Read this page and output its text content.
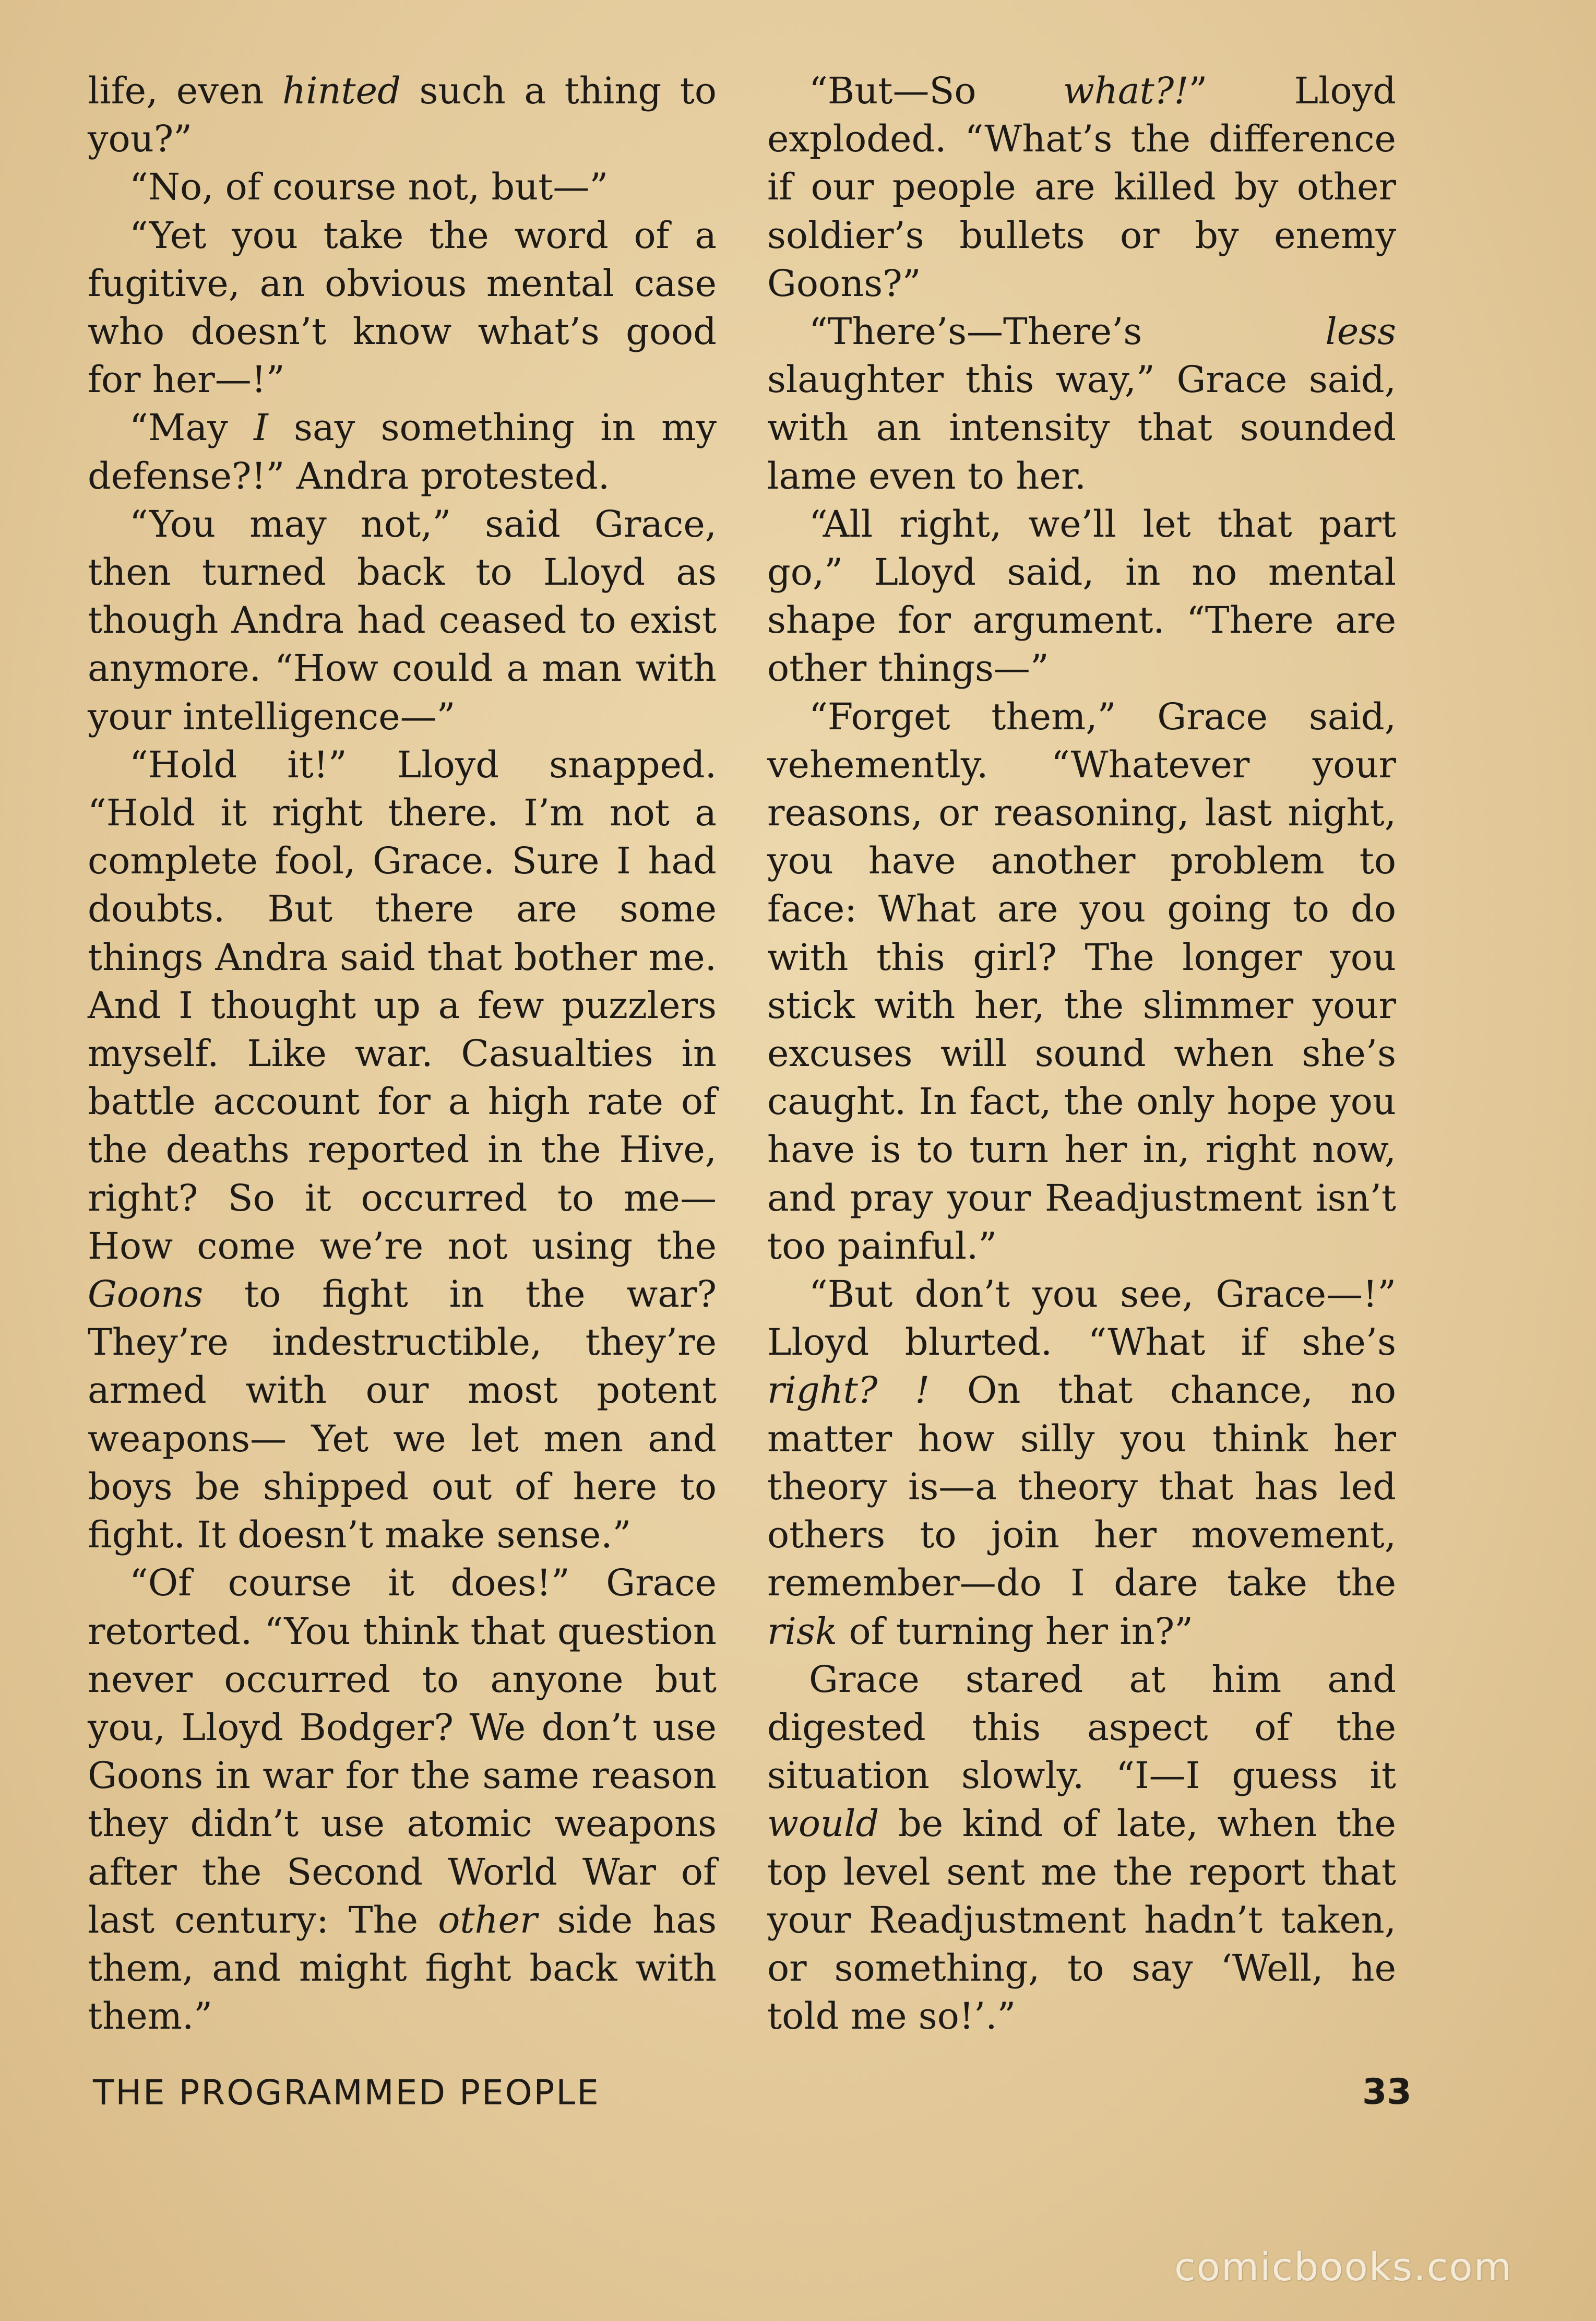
life, even hinted such a thing to you?”

“No, of course not, but—”

“Yet you take the word of a fugitive, an obvious mental case who doesn’t know what’s good for her—!”

“May I say something in my defense?!” Andra protested.

“You may not,” said Grace, then turned back to Lloyd as though Andra had ceased to exist anymore. “How could a man with your intelligence—”

“Hold it!” Lloyd snapped. “Hold it right there. I’m not a complete fool, Grace. Sure I had doubts. But there are some things Andra said that bother me. And I thought up a few puzzlers myself. Like war. Casualties in battle account for a high rate of the deaths reported in the Hive, right? So it occurred to me— How come we’re not using the Goons to fight in the war? They’re indestructible, they’re armed with our most potent weapons— Yet we let men and boys be shipped out of here to fight. It doesn’t make sense.”

“Of course it does!” Grace retorted. “You think that question never occurred to anyone but you, Lloyd Bodger? We don’t use Goons in war for the same reason they didn’t use atomic weapons after the Second World War of last century: The other side has them, and might fight back with them.”

“But—So what?!” Lloyd exploded. “What’s the difference if our people are killed by other soldier’s bullets or by enemy Goons?”

“There’s—There’s less slaughter this way,” Grace said, with an intensity that sounded lame even to her.

“All right, we’ll let that part go,” Lloyd said, in no mental shape for argument. “There are other things—”

“Forget them,” Grace said, vehemently. “Whatever your reasons, or reasoning, last night, you have another problem to face: What are you going to do with this girl? The longer you stick with her, the slimmer your excuses will sound when she’s caught. In fact, the only hope you have is to turn her in, right now, and pray your Readjustment isn’t too painful.”

“But don’t you see, Grace—!” Lloyd blurted. “What if she’s right? ! On that chance, no matter how silly you think her theory is—a theory that has led others to join her movement, remember—do I dare take the risk of turning her in?”

Grace stared at him and digested this aspect of the situation slowly. “I—I guess it would be kind of late, when the top level sent me the report that your Readjustment hadn’t taken, or something, to say ‘Well, he told me so!’.”

THE PROGRAMMED PEOPLE	33
comicbooks.com
